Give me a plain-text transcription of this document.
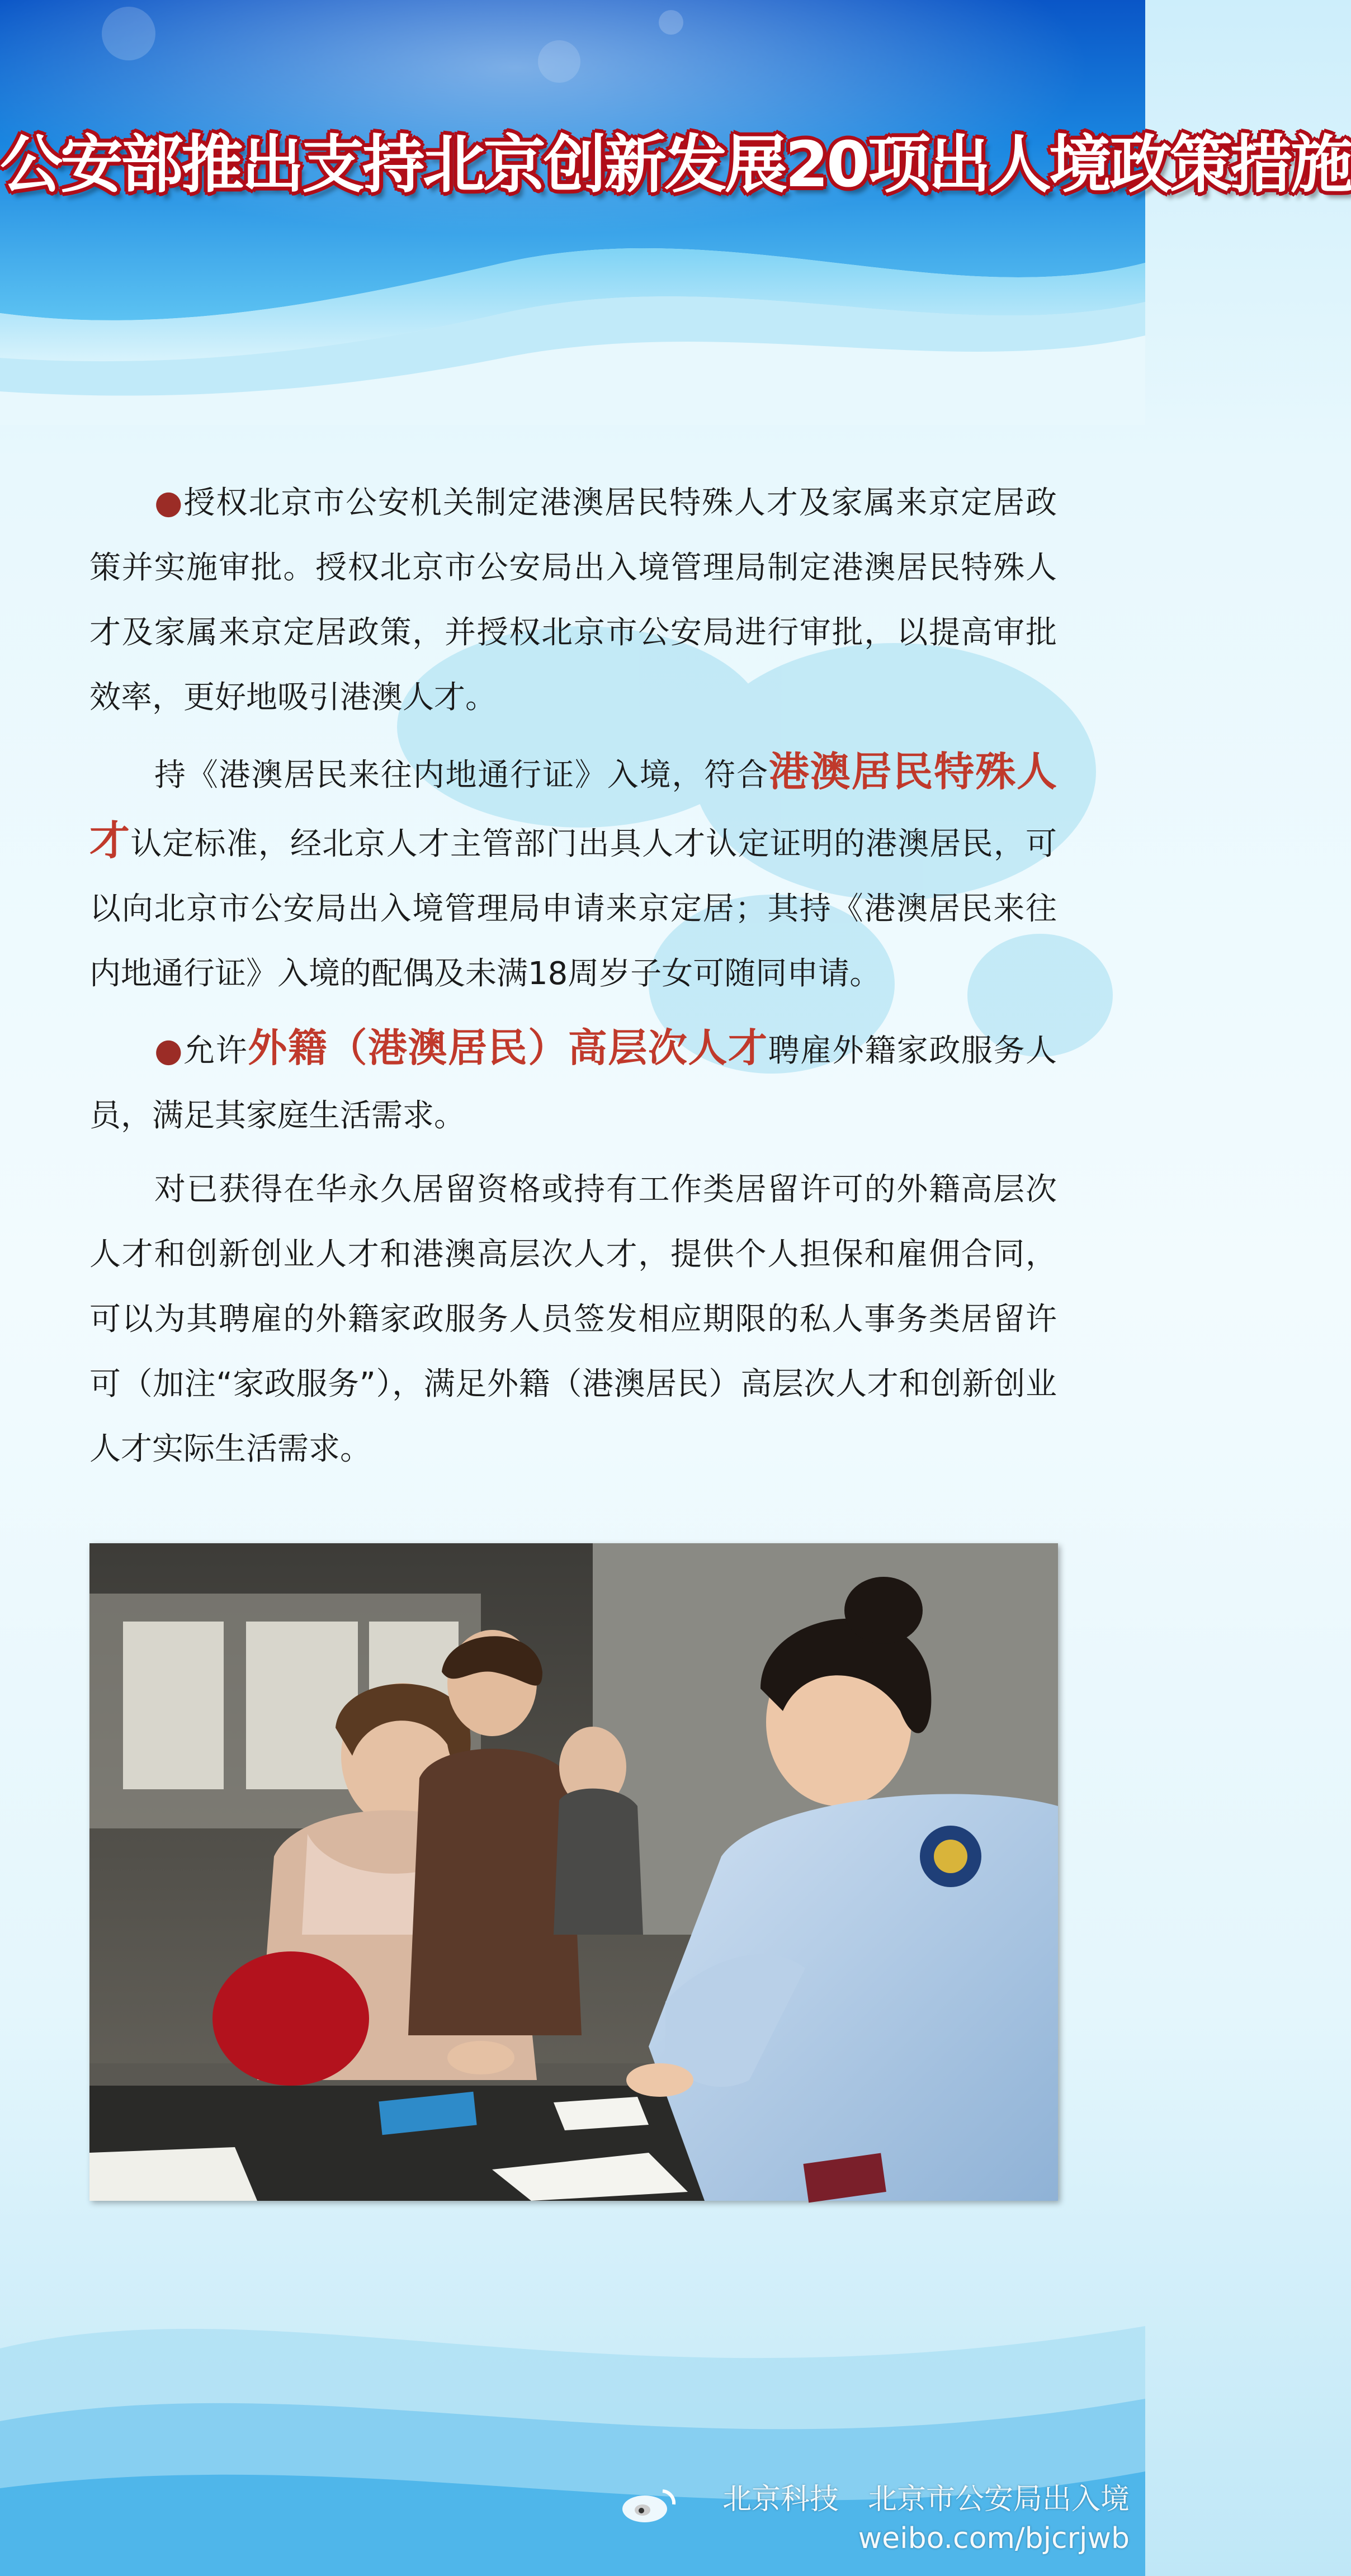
公安部推出支持北京创新发展20项出人境政策措施

●授权北京市公安机关制定港澳居民特殊人才及家属来京定居政策并实施审批。授权北京市公安局出入境管理局制定港澳居民特殊人才及家属来京定居政策，并授权北京市公安局进行审批，以提高审批效率，更好地吸引港澳人才。

持《港澳居民来往内地通行证》入境，符合港澳居民特殊人才认定标准，经北京人才主管部门出具人才认定证明的港澳居民，可以向北京市公安局出入境管理局申请来京定居；其持《港澳居民来往内地通行证》入境的配偶及未满18周岁子女可随同申请。

●允许外籍（港澳居民）高层次人才聘雇外籍家政服务人员，满足其家庭生活需求。

对已获得在华永久居留资格或持有工作类居留许可的外籍高层次人才和创新创业人才和港澳高层次人才，提供个人担保和雇佣合同，可以为其聘雇的外籍家政服务人员签发相应期限的私人事务类居留许可（加注“家政服务”），满足外籍（港澳居民）高层次人才和创新创业人才实际生活需求。

北京科技　 北京市公安局出入境
weibo.com/bjcrjwb
